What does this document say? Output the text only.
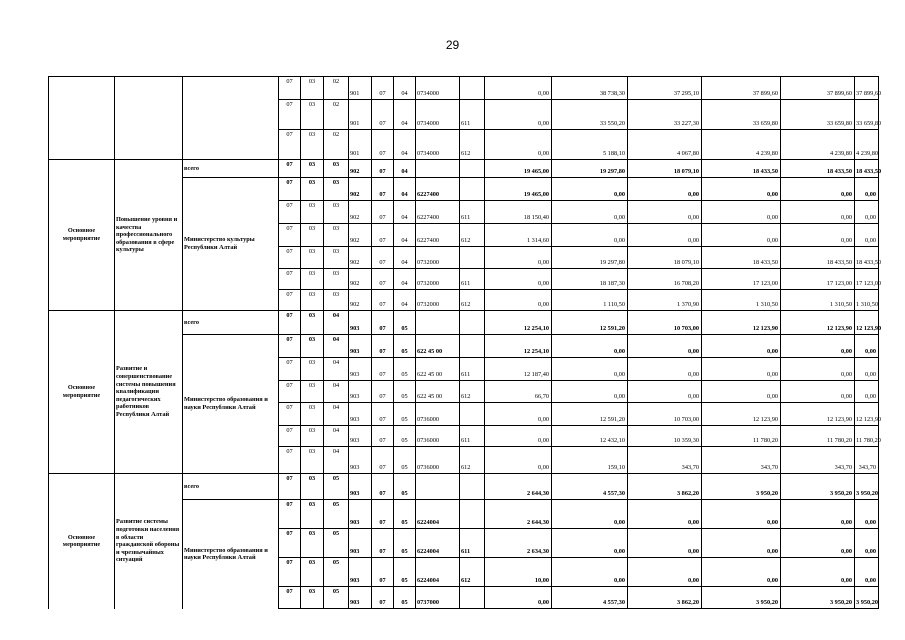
29
			07	03	02	901	07	04	0734000		0,00	38 738,30	37 295,10	37 899,60	37 899,60	37 899,60
			07	03	02	901	07	04	0734000	611	0,00	33 550,20	33 227,30	33 659,80	33 659,80	33 659,80
			07	03	02	901	07	04	0734000	612	0,00	5 188,10	4 067,80	4 239,80	4 239,80	4 239,80
Основное мероприятие	Повышение уровня и качества профессионального образования в сфере культуры	всего	07	03	03	902	07	04			19 465,00	19 297,80	18 079,10	18 433,50	18 433,50	18 433,50
		Министерство культуры Республики Алтай	07	03	03	902	07	04	6227400		19 465,00	0,00	0,00	0,00	0,00	0,00
			07	03	03	902	07	04	6227400	611	18 150,40	0,00	0,00	0,00	0,00	0,00
			07	03	03	902	07	04	6227400	612	1 314,60	0,00	0,00	0,00	0,00	0,00
			07	03	03	902	07	04	0732000		0,00	19 297,80	18 079,10	18 433,50	18 433,50	18 433,50
			07	03	03	902	07	04	0732000	611	0,00	18 187,30	16 708,20	17 123,00	17 123,00	17 123,00
			07	03	03	902	07	04	0732000	612	0,00	1 110,50	1 370,90	1 310,50	1 310,50	1 310,50
Основное мероприятие	Развитие и совершенствование системы повышения квалификации педагогических работников Республики Алтай	всего	07	03	04	903	07	05			12 254,10	12 591,20	10 703,00	12 123,90	12 123,90	12 123,90
		Министерство образования и науки Республики Алтай	07	03	04	903	07	05	622 45 00		12 254,10	0,00	0,00	0,00	0,00	0,00
			07	03	04	903	07	05	622 45 00	611	12 187,40	0,00	0,00	0,00	0,00	0,00
			07	03	04	903	07	05	622 45 00	612	66,70	0,00	0,00	0,00	0,00	0,00
			07	03	04	903	07	05	0736000		0,00	12 591,20	10 703,00	12 123,90	12 123,90	12 123,90
			07	03	04	903	07	05	0736000	611	0,00	12 432,10	10 359,30	11 780,20	11 780,20	11 780,20
			07	03	04	903	07	05	0736000	612	0,00	159,10	343,70	343,70	343,70	343,70
Основное мероприятие	Развитие системы подготовки населения в области гражданской обороны и чрезвычайных ситуаций	всего	07	03	05	903	07	05			2 644,30	4 557,30	3 862,20	3 950,20	3 950,20	3 950,20
		Министерство образования и науки Республики Алтай	07	03	05	903	07	05	6224004		2 644,30	0,00	0,00	0,00	0,00	0,00
			07	03	05	903	07	05	6224004	611	2 634,30	0,00	0,00	0,00	0,00	0,00
			07	03	05	903	07	05	6224004	612	10,00	0,00	0,00	0,00	0,00	0,00
			07	03	05	903	07	05	0737000		0,00	4 557,30	3 862,20	3 950,20	3 950,20	3 950,20
